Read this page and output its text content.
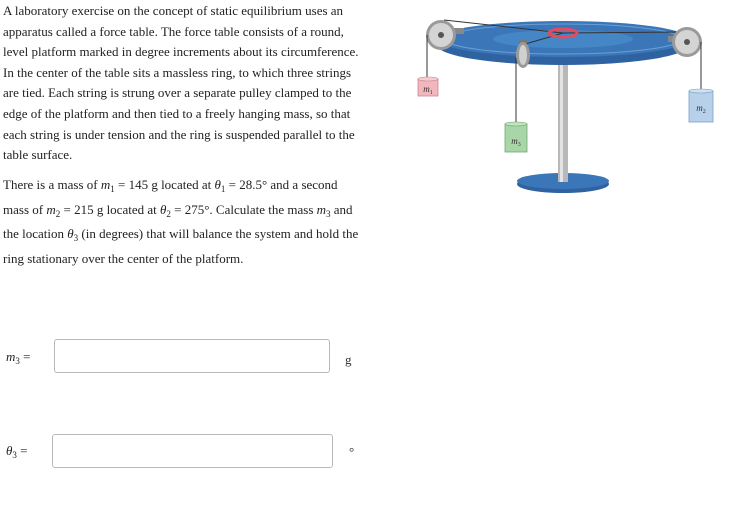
A laboratory exercise on the concept of static equilibrium uses an apparatus called a force table. The force table consists of a round, level platform marked in degree increments about its circumference. In the center of the table sits a massless ring, to which three strings are tied. Each string is strung over a separate pulley clamped to the edge of the platform and then tied to a freely hanging mass, so that each string is under tension and the ring is suspended parallel to the table surface.

There is a mass of $m_1 = 145$ g located at $\theta_1 = 28.5^\circ$ and a second mass of $m_2 = 215$ g located at $\theta_2 = 275^\circ$. Calculate the mass $m_3$ and the location $\theta_3$ (in degrees) that will balance the system and hold the ring stationary over the center of the platform.

$m_1$
$m_3$
$m_2$
$m_3$ =	g
$\theta_3$ =	°
